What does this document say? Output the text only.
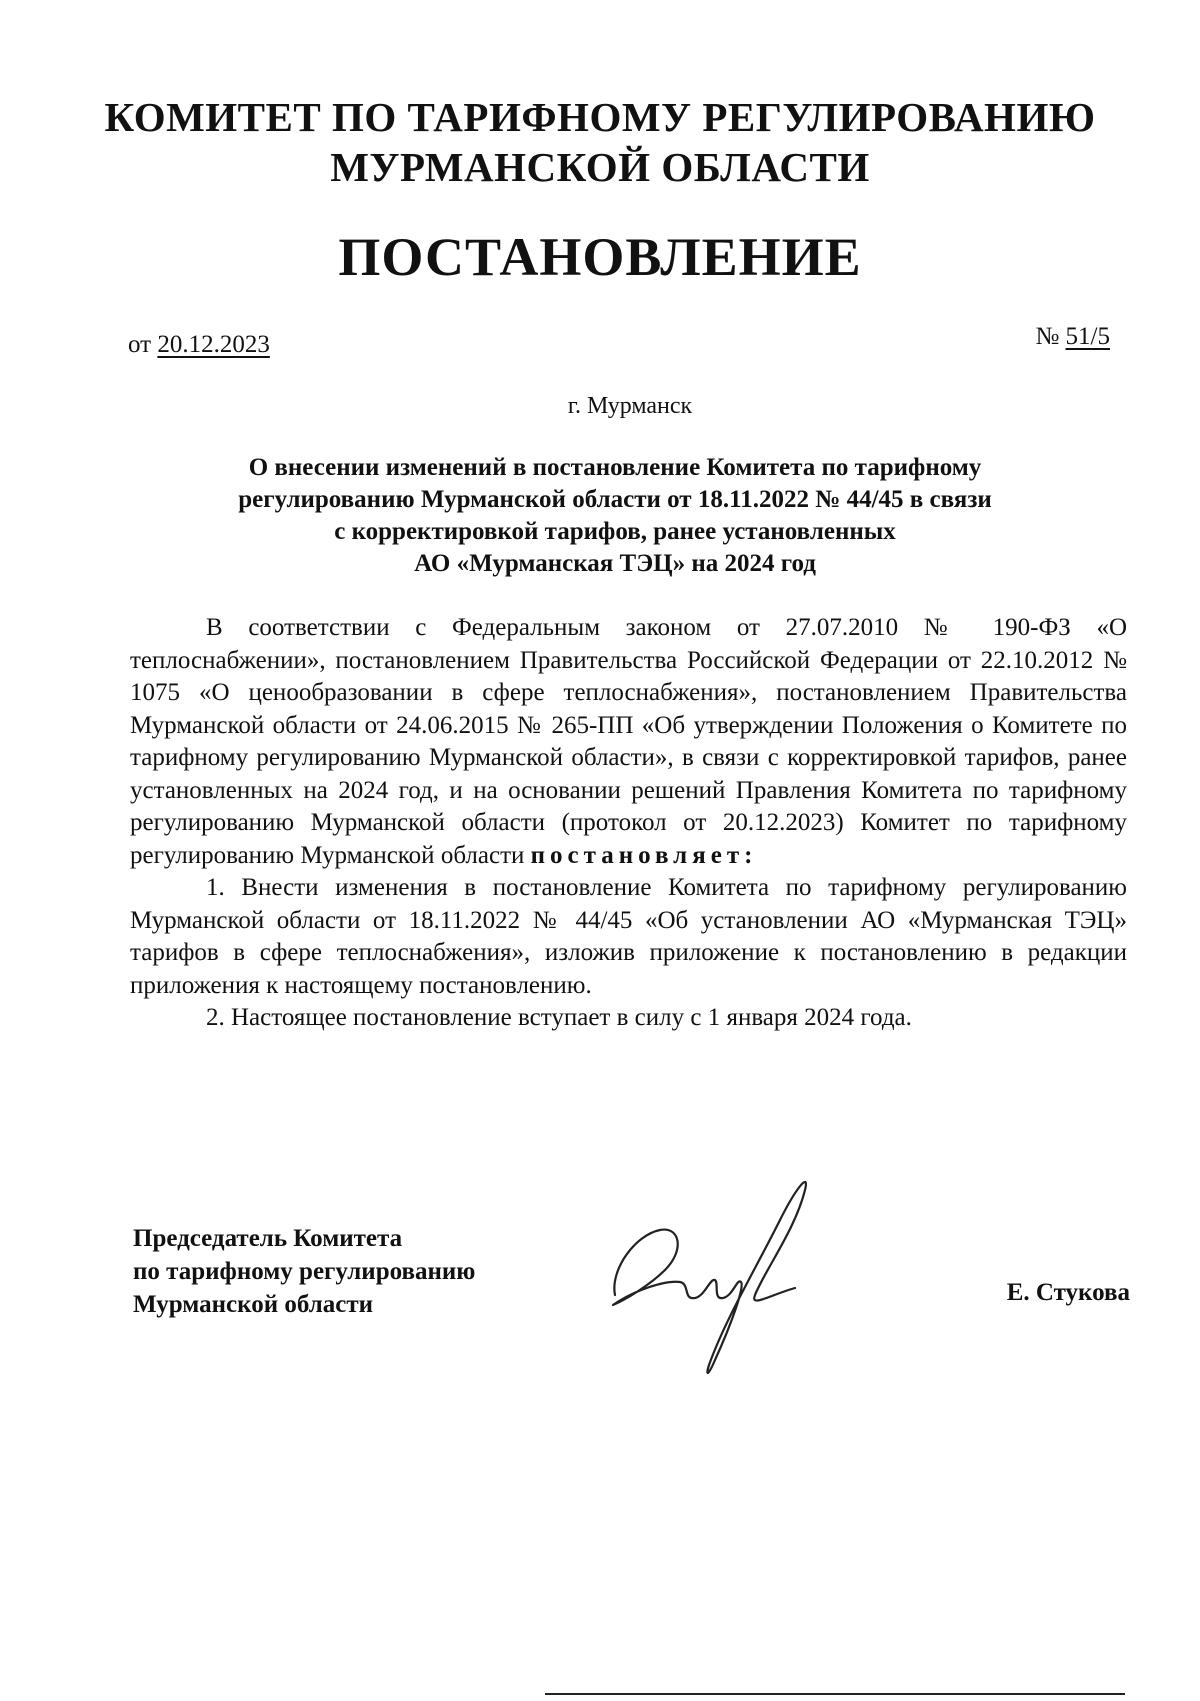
КОМИТЕТ ПО ТАРИФНОМУ РЕГУЛИРОВАНИЮ
МУРМАНСКОЙ ОБЛАСТИ
ПОСТАНОВЛЕНИЕ
от 20.12.2023	№ 51/5
г. Мурманск
О внесении изменений в постановление Комитета по тарифному
регулированию Мурманской области от 18.11.2022 № 44/45 в связи
с корректировкой тарифов, ранее установленных
АО «Мурманская ТЭЦ» на 2024 год

В соответствии с Федеральным законом от 27.07.2010 № 190-ФЗ «О теплоснабжении», постановлением Правительства Российской Федерации от 22.10.2012 № 1075 «О ценообразовании в сфере теплоснабжения», постановлением Правительства Мурманской области от 24.06.2015 № 265-ПП «Об утверждении Положения о Комитете по тарифному регулированию Мурманской области», в связи с корректировкой тарифов, ранее установленных на 2024 год, и на основании решений Правления Комитета по тарифному регулированию Мурманской области (протокол от 20.12.2023) Комитет по тарифному регулированию Мурманской области постановляет:

1. Внести изменения в постановление Комитета по тарифному регулированию Мурманской области от 18.11.2022 № 44/45 «Об установлении АО «Мурманская ТЭЦ» тарифов в сфере теплоснабжения», изложив приложение к постановлению в редакции приложения к настоящему постановлению.

2. Настоящее постановление вступает в силу с 1 января 2024 года.

Председатель Комитета
по тарифному регулированию
Мурманской области	Е. Стукова
